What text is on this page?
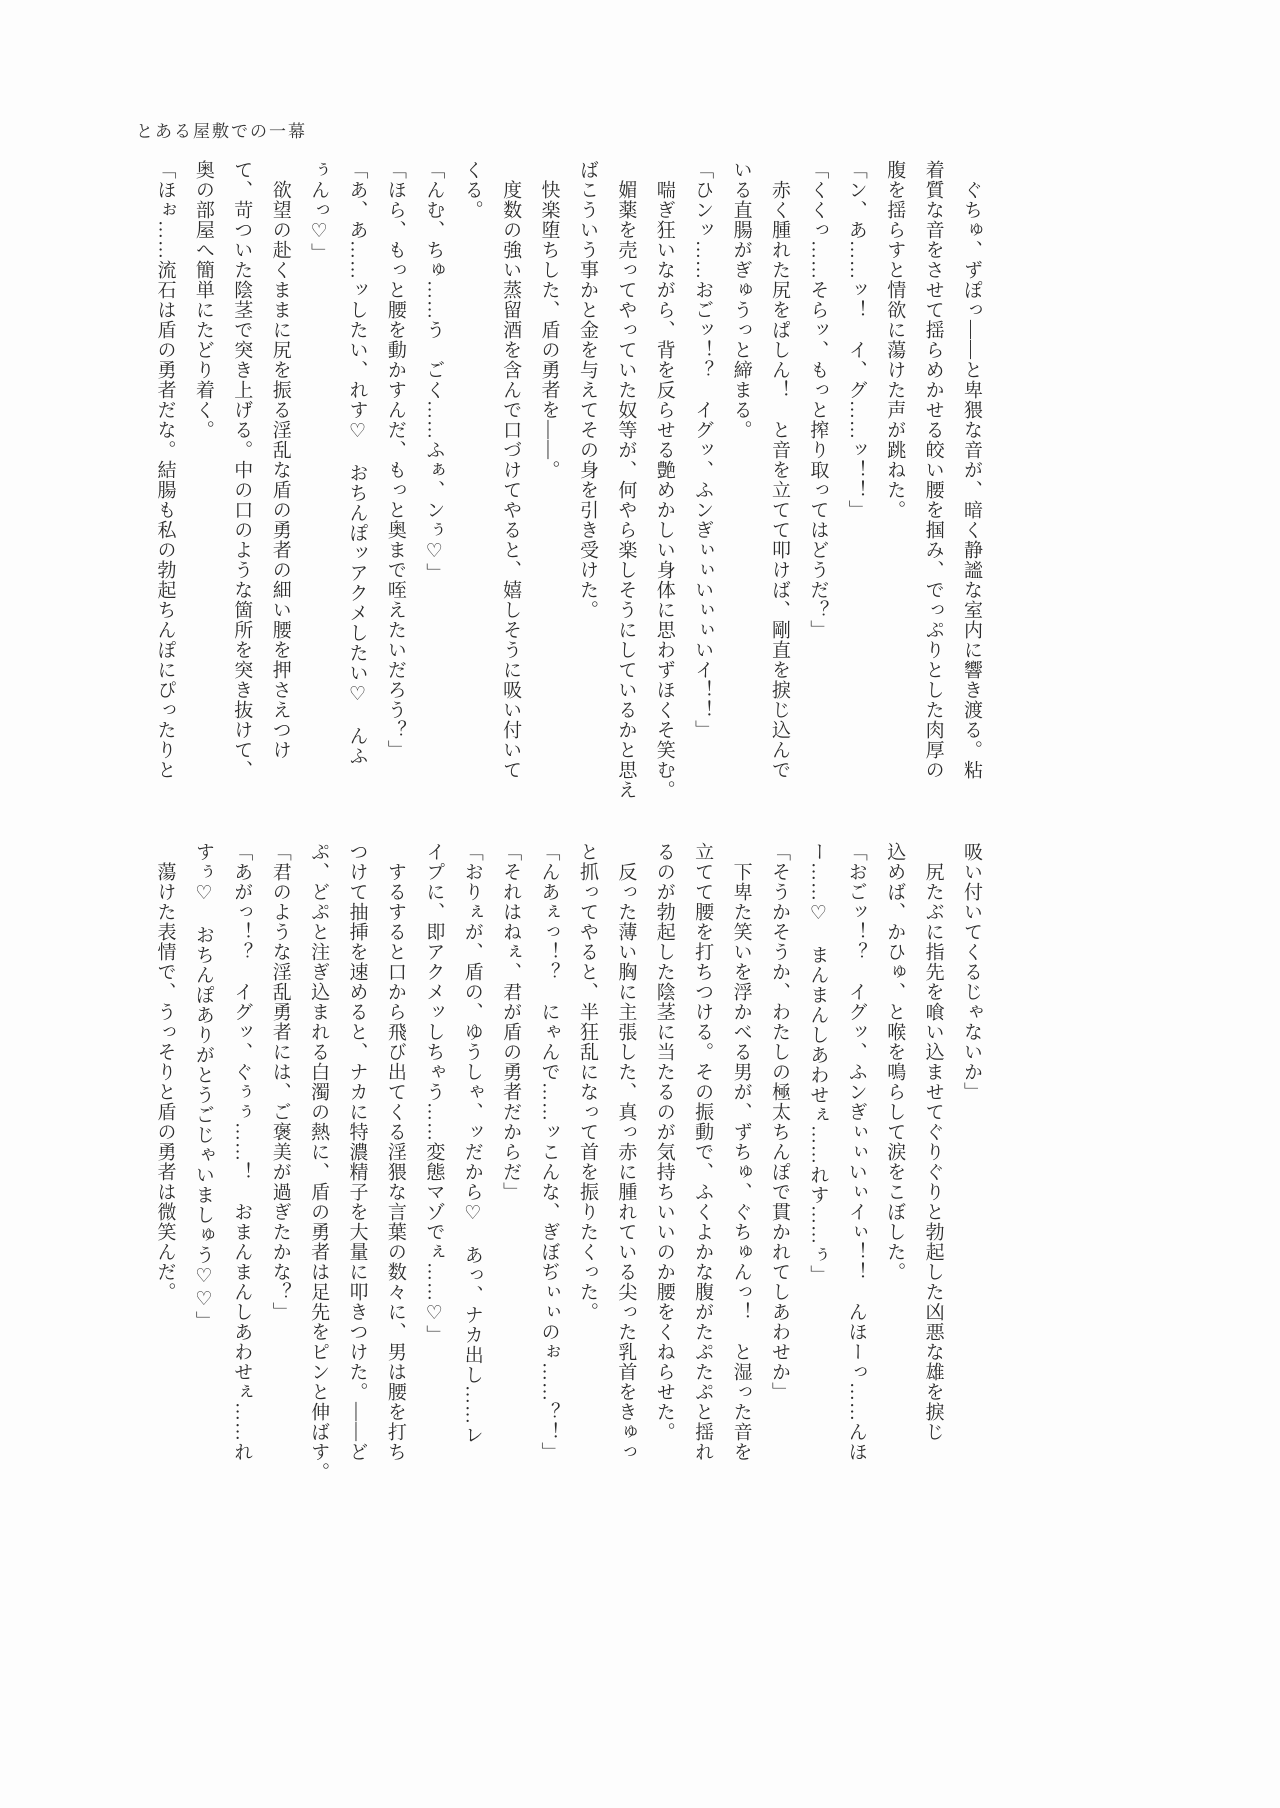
とある屋敷での一幕
　ぐちゅ、ずぽっ――と卑猥な音が、暗く静謐な室内に響き渡る。粘
着質な音をさせて揺らめかせる皎い腰を掴み、でっぷりとした肉厚の
腹を揺らすと情欲に蕩けた声が跳ねた。
「ン、あ……ッ！　イ、グ……ッ！！」
「くくっ……そらッ、もっと搾り取ってはどうだ？」
　赤く腫れた尻をぱしん！　と音を立てて叩けば、剛直を捩じ込んで
いる直腸がぎゅうっと締まる。
「ひンッ……おごッ！？　イグッ、ふンぎぃぃいぃぃいイ！！」
　喘ぎ狂いながら、背を反らせる艶めかしい身体に思わずほくそ笑む。
　媚薬を売ってやっていた奴等が、何やら楽しそうにしているかと思え
ばこういう事かと金を与えてその身を引き受けた。
　快楽堕ちした、盾の勇者を――。
　度数の強い蒸留酒を含んで口づけてやると、嬉しそうに吸い付いて
くる。
「んむ、ちゅ……う　ごく……ふぁ、ンぅ♡」
「ほら、もっと腰を動かすんだ、もっと奥まで咥えたいだろう？」
「あ、あ……ッしたい、れす♡　おちんぽッアクメしたい♡　んふ
ぅんっ♡」
　欲望の赴くままに尻を振る淫乱な盾の勇者の細い腰を押さえつけ
て、苛ついた陰茎で突き上げる。中の口のような箇所を突き抜けて、
奥の部屋へ簡単にたどり着く。
「ほぉ……流石は盾の勇者だな。結腸も私の勃起ちんぽにぴったりと
吸い付いてくるじゃないか」
　尻たぶに指先を喰い込ませてぐりぐりと勃起した凶悪な雄を捩じ
込めば、かひゅ、と喉を鳴らして涙をこぼした。
「おごッ！？　イグッ、ふンぎぃぃいぃイぃ！！　んほーっ……んほ
ー……♡　まんまんしあわせぇ……れす……ぅ」
「そうかそうか、わたしの極太ちんぽで貫かれてしあわせか」
　下卑た笑いを浮かべる男が、ずちゅ、ぐちゅんっ！　と湿った音を
立てて腰を打ちつける。その振動で、ふくよかな腹がたぷたぷと揺れ
るのが勃起した陰茎に当たるのが気持ちいいのか腰をくねらせた。
　反った薄い胸に主張した、真っ赤に腫れている尖った乳首をきゅっ
と抓ってやると、半狂乱になって首を振りたくった。
「んあぇっ！？　にゃんで……ッこんな、ぎぼぢぃぃのぉ……？！」
「それはねぇ、君が盾の勇者だからだ」
「おりぇが、盾の、ゆうしゃ、ッだから♡　あっ、ナカ出し……レ
イプに、即アクメッしちゃう……変態マゾでぇ……♡」
　するすると口から飛び出てくる淫猥な言葉の数々に、男は腰を打ち
つけて抽挿を速めると、ナカに特濃精子を大量に叩きつけた。――ど
ぷ、どぷと注ぎ込まれる白濁の熱に、盾の勇者は足先をピンと伸ばす。
「君のような淫乱勇者には、ご褒美が過ぎたかな？」
「あがっ！？　イグッ、ぐぅぅ……！　おまんまんしあわせぇ……れ
すぅ♡　おちんぽありがとうごじゃいましゅう♡♡」
　蕩けた表情で、うっそりと盾の勇者は微笑んだ。
